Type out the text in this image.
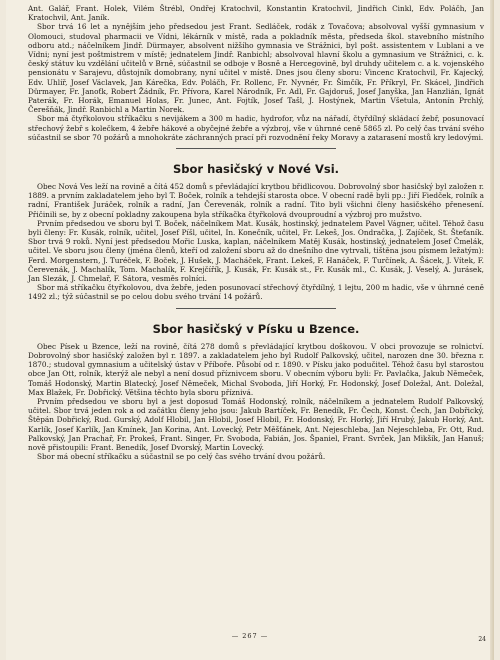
Ant. Galář, Frant. Holek, Vilém Štrébl, Ondřej Kratochvil, Konstantin Kratochvil, Jindřich Cinkl, Edv. Poláčh, Jan Kratochvil, Ant. Janík.

Sbor trvá 16 let a nynějším jeho předsedou jest Frant. Sedláček, rodák z Tovačova; absolvoval vyšší gymnasium v Olomouci, studoval pharmacii ve Vídni, lékárník v místě, rada a pokladník města, předseda škol. stavebního místního odboru atd.; náčelníkem Jindř. Dürmayer, absolvent nižšího gymnasia ve Strážnici, byl pošt. assistentem v Lublani a ve Vídni; nyní jest poštmistrem v místě; jednatelem Jindř. Ranbichl; absolvoval hlavní školu a gymnasium ve Strážnici, c. k. český státuv ku vzdělání učitelů v Brně, súčastnil se odboje v Bosně a Hercegovině, byl druhdy učitelem c. a k. vojenského pensionátu v Sarajevu, důstojník domobrany, nyní učitel v místě. Dnes jsou členy sboru: Vincenc Kratochvil, Fr. Kajecký, Edv. Uhlíř, Josef Václavek, Jan Kárečka, Edv. Poláčh, Fr. Rollenc, Fr. Nyvnér, Fr. Šimčík, Fr. Příkryl, Fr. Skácel, Jindřich Dürmayer, Fr. Janoťk, Robert Žádník, Fr. Přívora, Karel Národník, Fr. Adl, Fr. Gajdoruš, Josef Janyška, Jan Hanzlián, Ignát Paterák, Fr. Horák, Emanuel Holas, Fr. Junec, Ant. Fojtík, Josef Tašl, J. Hostýnek, Martin Všetula, Antonín Prchlý, Čerešňák, Jindř. Ranbichl a Martin Norek.

Sbor má čtyřkolovou stříkačku s nevijákem a 300 m hadic, hydrofor, vůz na nářadí, čtyřdílný skládací žebř, posunovací střechový žebř s kolečkem, 4 žebře hákové a obyčejné žebře a výzbroj, vše v úhrnné ceně 5865 zl. Po celý čas trvání svého súčastnil se sbor 70 požárů a mnohokráte záchranných prací při rozvodnění řeky Moravy a zatarasení mostů kry ledovými.

Sbor hasičský v Nové Vsi.

Obec Nová Ves leží na rovině a čítá 452 domů s převládající krytbou břidlicovou. Dobrovolný sbor hasičský byl založen r. 1889. a prvním zakladatelem jeho byl T. Boček, rolník a tehdejší starosta obce. V obecní radě byli pp.: Jiří Fiedček, rolník a radní, František Juráček, rolník a radní, Jan Čerevenák, rolník a radní. Tito byli všichni členy hasičského přenesení. Přičinili se, by z obecní pokladny zakoupena byla stříkačka čtyřkolová dvouproudní a výzbroj pro mužstvo.

Prvním předsedou ve sboru byl T. Boček, náčelníkem Mat. Kusák, hostinský, jednatelem Pavel Vágner, učitel. Téhož času byli členy: Fr. Kusák, rolník, učitel, Josef Píšl, učitel, In. Konečník, učitel, Fr. Lekeš, Jos. Ondračka, J. Zajíček, St. Šteťaník. Sbor trvá 9 roků. Nyní jest předsedou Mořic Luska, kaplan, náčelníkem Matěj Kusák, hostinský, jednatelem Josef Čmelák, učitel. Ve sboru jsou členy (jména členů, kteří od založení sboru až do dnešního dne vytrvali, tištěna jsou písmem ležatým): Ferd. Morgenstern, J. Turéček, F. Boček, J. Hušek, J. Macháček, Frant. Lekeš, F. Hanáček, F. Turčínek, A. Šácek, J. Vítek, F. Čerevenák, J. Machalík, Tom. Machalík, F. Krejčířík, J. Kusák, Fr. Kusák st., Fr. Kusák ml., C. Kusák, J. Veselý, A. Jurásek, Jan Slezák, J. Chmelař, F. Sátora, vesměs rolníci.

Sbor má stříkačku čtyřkolovou, dva žebře, jeden posunovací střechový čtyřdílný, 1 lejtu, 200 m hadic, vše v úhrnné ceně 1492 zl.; týž súčastnil se po celou dobu svého trvání 14 požárů.

Sbor hasičský v Písku u Bzence.

Obec Písek u Bzence, leží na rovině, čítá 278 domů s převládající krytbou doškovou. V obci provozuje se rolnictví. Dobrovolný sbor hasičský založen byl r. 1897. a zakladatelem jeho byl Rudolf Palkovský, učitel, narozen dne 30. března r. 1870.; studoval gymnasium a učitelský ústav v Příboře. Působí od r. 1890. v Písku jako podučitel. Téhož času byl starostou obce Jan Ott, rolník, kterýž ale nebyl a není dosud příznivcem sboru. V obecním výboru byli: Fr. Pavlačka, Jakub Němeček, Tomáš Hodonský, Martin Blatecký, Josef Němeček, Michal Svoboda, Jiří Horký, Fr. Hodonský, Josef Doležal, Ant. Doležal, Max Blažek, Fr. Dobřický. Většina těchto byla sboru příznivá.

Prvním předsedou ve sboru byl a jest doposud Tomáš Hodonský, rolník, náčelníkem a jednatelem Rudolf Palkovský, učitel. Sbor trvá jeden rok a od začátku členy jeho jsou: Jakub Bartíček, Fr. Benedík, Fr. Čech, Konst. Čech, Jan Dobřický, Štěpán Dobřický, Rud. Gurský, Adolf Hlobil, Jan Hlobil, Josef Hlobil, Fr. Hodonský, Fr. Horký, Jiří Hrubý, Jakub Horký, Ant. Karlík, Josef Karlík, Jan Kmínek, Jan Korina, Ant. Lovecký, Petr Měšťánek, Ant. Nejeschleba, Jan Nejeschleba, Fr. Ott, Rud. Palkovský, Jan Prachař, Fr. Prokeš, Frant. Singer, Fr. Svoboda, Fabián, Jos. Španiel, Frant. Svrček, Jan Mikšík, Jan Hanuš; nově přistoupili: Frant. Benedík, Josef Dvorský, Martin Lovecký.

Sbor má obecní stříkačku a súčastnil se po celý čas svého trvání dvou požárů.

— 267 —	24
